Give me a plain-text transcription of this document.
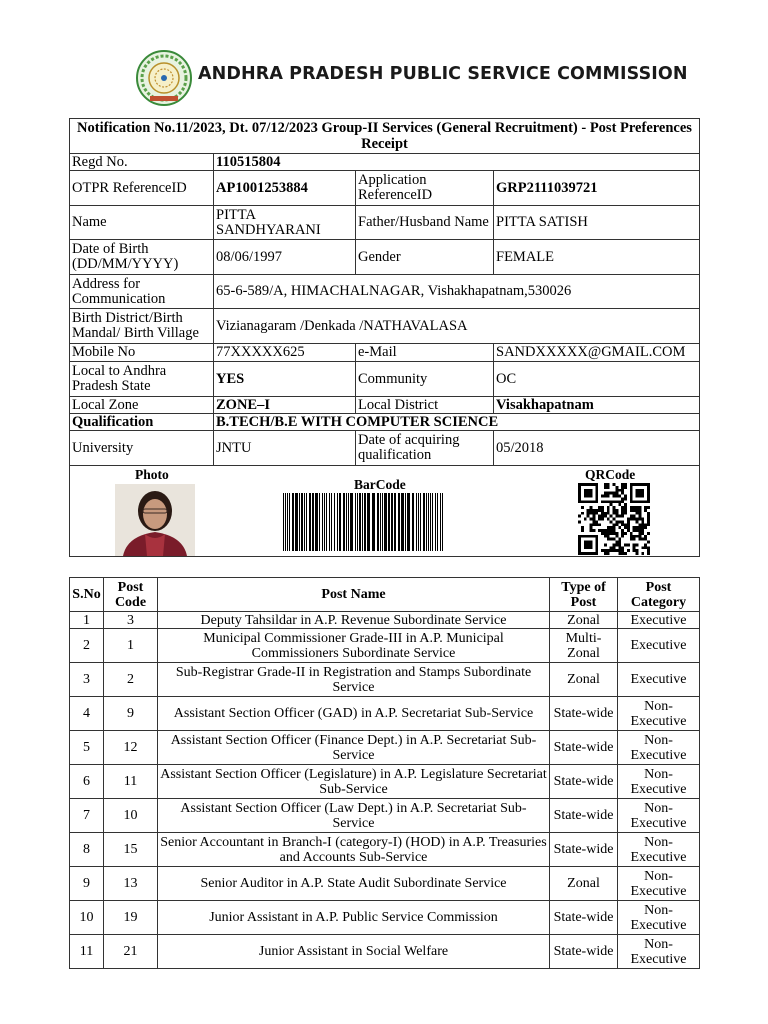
ANDHRA PRADESH PUBLIC SERVICE COMMISSION
Notification No.11/2023, Dt. 07/12/2023 Group-II Services (General Recruitment) - Post Preferences Receipt			
Regd No.	110515804		
OTPR ReferenceID	AP1001253884	Application ReferenceID	GRP2111039721
Name	PITTA SANDHYARANI	Father/Husband Name	PITTA SATISH
Date of Birth (DD/MM/YYYY)	08/06/1997	Gender	FEMALE
Address for Communication	65-6-589/A, HIMACHALNAGAR, Vishakhapatnam,530026		
Birth District/Birth Mandal/ Birth Village	Vizianagaram /Denkada /NATHAVALASA		
Mobile No	77XXXXX625	e-Mail	SANDXXXXX@GMAIL.COM
Local to Andhra Pradesh State	YES	Community	OC
Local Zone	ZONE–I	Local District	Visakhapatnam
Qualification	B.TECH/B.E WITH COMPUTER SCIENCE		
University	JNTU	Date of acquiring qualification	05/2018

Photo
BarCode
QRCode			
S.No	Post Code	Post Name	Type of Post	Post Category
1	3	Deputy Tahsildar in A.P. Revenue Subordinate Service	Zonal	Executive
2	1	Municipal Commissioner Grade-III in A.P. Municipal Commissioners Subordinate Service	Multi-Zonal	Executive
3	2	Sub-Registrar Grade-II in Registration and Stamps Subordinate Service	Zonal	Executive
4	9	Assistant Section Officer (GAD) in A.P. Secretariat Sub-Service	State-wide	Non-Executive
5	12	Assistant Section Officer (Finance Dept.) in A.P. Secretariat Sub-Service	State-wide	Non-Executive
6	11	Assistant Section Officer (Legislature) in A.P. Legislature Secretariat Sub-Service	State-wide	Non-Executive
7	10	Assistant Section Officer (Law Dept.) in A.P. Secretariat Sub-Service	State-wide	Non-Executive
8	15	Senior Accountant in Branch-I (category-I) (HOD) in A.P. Treasuries and Accounts Sub-Service	State-wide	Non-Executive
9	13	Senior Auditor in A.P. State Audit Subordinate Service	Zonal	Non-Executive
10	19	Junior Assistant in A.P. Public Service Commission	State-wide	Non-Executive
11	21	Junior Assistant in Social Welfare	State-wide	Non-Executive
